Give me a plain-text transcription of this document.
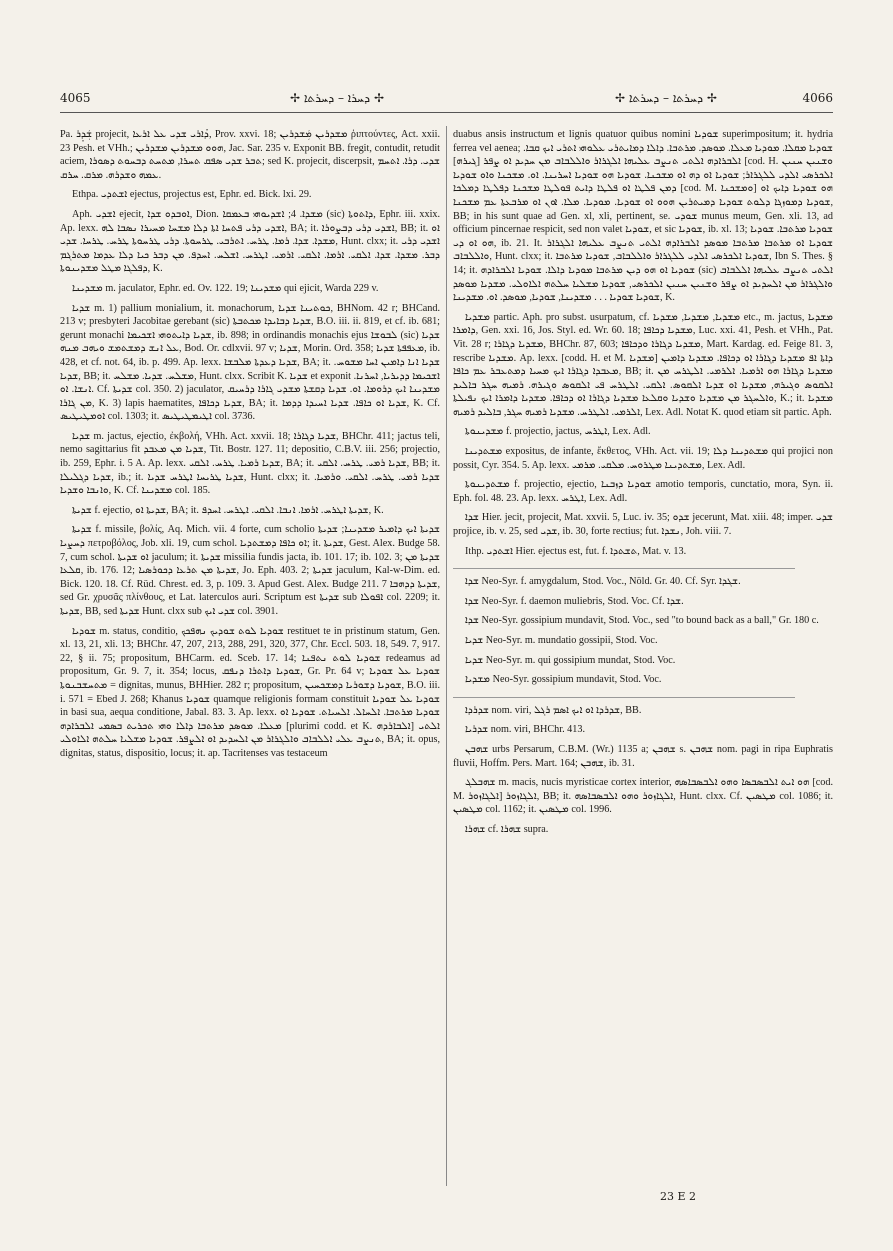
4065	✢ ܕܚܪܐ – ܕܚܪܬܐ ✢	✢ ܕܚܪܬܐ – ܕܚܪܬܐ ✢	4066

Pa. ܫܲܕܸܪ projecit, ܕܳܐܪܝ ܫܕܝ ܥܠ ܐܪܥܐ, Prov. xxvi. 18; ܡܫܕܪܝܢ ܡܲܫܕܪܝܢ ῥιπτούντες, Act. xxii. 23 Pesh. et VHh.; ܗܘܘ ܡܫܕܪܝܢ ܡܫܕܪܝܢ, Jac. Sar. 235 v. Exponit BB. fregit, contudit, retudit aciem, ܬܒܪ ܫܕܝ ܣܦܩ ܬܚܪܐ, ܡܬܚܬ ܕܒܚܘܬ ܕܣܘܪܐ; sed K. projecit, discerpsit, ܫܕܝ. ܕܪܐ. ܐܬܚܡ ܥܡܗ ܘܫܕܪܗ. ܡܪܩ. ܚܪܩ.

Ethpa. ܐܫܬܕܝ ejectus, projectus est, Ephr. ed. Bick. lxi. 29.

Aph. ܐܫܕܝ ejecit, ܐܘܒܕܘ ܫܕܐ, Dion. ܡܫܕܐ. 4; ܐܫܕܝܘܗܝ ܒܥܡܩܐ (sic) ܕܐܬܘܬܐ, Ephr. iii. xxix. Ap. lexx. ܐܫܕܝ ܕܪܝ ܦܬܚܐ ܐܬܐ ܕܠܐ ܡܫܚܐ ܡܚܝܪܐ ܢܣܒܐ ܠܗ, BA; it. ܐܫܕܝ ܕܪܝ ܕܒܨܘܪܐ, BB; it. ܐܘ ܡܫܕܐ. ܫܕܐ. ܪܡܐ. ܛܪܚ. ܐܬܪܒܝ. ܛܪܚܘܬܐ. ܕܪܝ ܛܪܚܘܬܐ ܛܪܚ. ܛܪܚܐ. ܫܕܝ, Hunt. clxx; it. ܐܫܕܝ ܕܪܝ ܕܒܪ. ܡܫܕܐ. ܫܕܐ. ܐܠܩܝ. ܐܪܡܐ. ܐܠܩܝ. ܐܪܡܝ. ܐܛܪܚ. ܐܫܠܚ. ܐܚܕܦ. ܡܢ ܕܒܪ ܟܝܐ ܕܠܐ ܥܕܡܐ ܡܬܪܓܡ ܕܦܠܓܐ ܡܛܠ ܡܫܕܝܢܘܬܐ, K.

ܡܫܕܝܢܐ m. jaculator, Ephr. ed. Ov. 122. 19; ܡܫܕܝܢܐ qui ejicit, Warda 229 v.

ܫܕܝܐ m. 1) pallium monialium, it. monachorum, ܟܘܬܝܢܐ ܫܕܝܐ, BHNom. 42 r; BHCand. 213 v; presbyteri Jacobitae gerebant (sic) ܫܕܝܐ ܕܒܐܝܕܐ ܡܟܬܒܬܐ, B.O. iii. ii. 819, et cf. ib. 681; gerunt monachi ܫܕܝܐ ܕܐܝܬܘܗܝ ܐܫܟܝܡܐ, ib. 898; in ordinandis monachis ejus ܠܒܘܫܐ (sic) ܫܕܝܐ ܥܠ ܐܢܫ ܕܡܫܬܡܫ ܘܝܗܒ ܡܢܗ, Bod. Or. cdlxvii. 97 v; ܫܕܝܐ, Morin. Ord. 358; ܡܥܦܦܬܐ ܫܕܝܐ, ib. 428, et cf. not. 64, ib. p. 499. Ap. lexx. ܫܕܝܐ ܕܥܕܬܐ ܡܠܒܫܐ, BA; it. ܫܕܝܐ ܐܢܐ ܕܐܡܝܢ ܐܚܐ ܡܫܘܚ. ܫܕܝܐ, BB; it. ܡܫܠܚ. ܫܕܝܐ. ܡܫܠܚ, Hunt. clxx. Scribit K. ܫܕܝܐ et exponit ܐܫܟܝܡܐ ܕܕܝܪܝܐ, ܐܚܪܢܐ. ܐܢܫܐ. ܐܘ. Cf. ܫܕܝܬܐ col. 350. 2) jaculator, ܡܫܕܝܢܐ ܐܝܟ ܕܪܘܡܐ. ܐܘ. ܫܕܝܐ ܕܩܫܬܐ ܡܫܕܝ ܓܐܪܐ ܕܪܚܝܩ ܡܢ ܓܐܪܐ, K. 3) lapis haematites, ܫܕܝܐ ܕܟܐܦܐ, BA; it. ܫܕܝܐ ܐܘ ܟܐܦܐ. ܫܕܝܐ ܐܚܝܕܐ ܕܕܡܐ, K. Cf. ܐܘܡܛܝܛܝܣ col. 1303; it. ܐܛܝܡܛܝܛܝܣ col. 3736.

ܫܕܝܐ m. jactus, ejectio, ἐκβολή, VHh. Act. xxvii. 18; ܫܕܝܐ ܕܓܐܪܐ, BHChr. 411; jactus teli, nemo sagittarius fit ܫܕܝܐ ܡܢ ܡܥܒܕ, Tit. Bostr. 127. 11; depositio, C.B.V. iii. 256; projectio, ib. 259, Ephr. i. 5 A. Ap. lexx. ܫܕܝܐ ܪܡܝܐ. ܛܪܚ. ܐܠܩܝ, BA; it. ܫܕܝܐ ܪܡܝ. ܛܪܚ. ܐܠܩܝ, BB; it. ܫܕܝܐ ܕܓܠܝܠܐ, ib.; it. ܫܕܝܐ ܛܪܝܚܐ ܐܛܪܚ ܫܕܝܐ, Hunt. clxx; it. ܫܕܝܐ ܪܡܝ. ܛܪܚ. ܐܠܩܝ. ܘܪܡܝܐ. ܘܐܢܒܐ ܘܫܕܝܐ, K. Cf. ܡܫܕܝܢܐ col. 185.

ܫܕܝܬܐ f. ejectio, ܫܕܝܬܐ ܐܘ, BA; it. ܫܕܝܬܐ ܐܛܪܚ. ܐܪܡܐ. ܐܢܒܐ. ܐܠܩܝ. ܐܛܪܚ. ܐܚܕܦ, K.

ܫܕܝܬܐ f. missile, βολίς, Aq. Mich. vii. 4 forte, cum scholio ܫܕܝܬܐ ܐܝܟ ܕܐܡܝܪ ܡܫܕܝܢܐ; ܫܕܝܬܐ ܕܚܨܝܐ πετροβόλος, Job. xli. 19, cum schol. ܐܘ ܟܐܦܐ ܕܡܫܬܕܝܐ; it. ܫܕܝܬܐ, Gest. Alex. Budge 58. 7, cum schol. ܐܘ ܫܕܝܬܐ jaculum; it. ܫܕܝܬܐ missilia fundis jacta, ib. 101. 17; ib. 102. 3; ܫܕܝܬܐ ܡܢ ܩܠܥܐ, ib. 176. 12; ܫܕܝܬܐ ܡܢ ܬܪܥܐ ܕܟܘܪܣܝܐ, Jo. Eph. 403. 2; ܫܕܝܬܐ jaculum, Kal-w-Dim. ed. Bick. 120. 18. Cf. Rüd. Chrest. ed. 3, p. 109. 3. Apud Gest. Alex. Budge 211. 7 ܫܕܝܬܐ ܕܕܗܒܐ, sed Gr. χρυσᾶς πλίνθους, et Lat. laterculos auri. Scriptum est ܫܕܝܬܐ sub ܐܦܘܠܐ col. 2209; it. ܫܕܝܬܐ, BB, sed ܫܕܝܬܐ Hunt. clxx sub ܫܕܝ ܐܝܟ col. 3901.

ܫܘܕܝܐ m. status, conditio, ܫܘܕܝܐ ܠܘܬ ܫܘܕܝܟ ܢܗܦܟܟ restituet te in pristinum statum, Gen. xl. 13, 21, xli. 13; BHChr. 47, 207, 213, 288, 291, 320, 377, Chr. Eccl. 503. 18, 549. 7, 917. 22, § ii. 75; propositum, BHCarm. ed. Sceb. 17. 14; ܫܘܕܝܐ ܠܘܬ ܢܬܦܢܐ redeamus ad propositum, Gr. 9. 7, it. 354; locus, ܫܘܕܝܐ ܕܐܬܪܐ ܕܢܦܩ, Gr. Pr. 64 v; ܫܘܕܝܐ ܥܠ ܫܘܕܝܐ ܡܬܚܫܒܢܘܬܐ = dignitas, munus, BHHier. 282 r; propositum, ܫܘܕܝܐ ܕܫܘܪܝܐ ܕܡܫܟܚܝܢ, B.O. iii. i. 571 = Ebed J. 268; Khanus ܫܘܕܝܐ quamque religionis formam constituit ܫܘܕܝܐ ܥܠ ܫܘܕܝܐ in basi sua, aequa conditione, Jabal. 83. 3. Ap. lexx. ܫܘܕܝܐ ܡܪܬܒܐ. ܐܠܚܐܠ. ܐܠܚܝܐܬ. ܫܘܕܝܐ ܐܘ ܡܥܠܐ. ܡܘܣܕ ܡܪܬܒܐ ܕܐܠܐ ܘܗܝ ܬܟܪܝܬ ܒܣܡܝ ܐܠܒܪܐܕܗ [plurimi codd. et K. ܐܠܒܐܪܕܗ] ܐܠܬܝ ܬܢܨܒ ܥܠܝ ܐܠܠܒܐܒ ܘܐܠܓܪܐܪ ܡܢ ܐܠܚܕܝܕ ܐܘ ܐܠܨܦܪ. ܫܘܕܝܐ ܡܫܠܝܐ ܚܠܬܗ ܐܠܐܘܠܝ, BA; it. opus, dignitas, status, dispositio, locus; it. ap. Tacritenses vas testaceum

duabus ansis instructum et lignis quatuor quibus nomini ܫܘܕܝܐ superimpositum; it. hydria ferrea vel aenea; ܫܘܕܝܐ ܡܩܠܐ. ܡܘܕܝܐ ܡܥܠܐ. ܡܘܣܕ. ܡܪܬܒܐ. ܕܐܠܐ ܕܡܐܝܬܪܝ ܥܠܘܗܝ ܐܬܪܝ ܐܝܟ ܩܒܐ. ܐܠܒܪܐܕܗ ܐܠܬܝ ܬܢܨܒ ܥܠܝܗܐ ܐܠܓܪܐܪ ܘܐܠܠܒܐܒ ܡܢ ܚܕܝܕ ܐܘ ܨܦܪ [ܓܝܪܗ] [cod. H. ܘܫܢܝܢ ܚܢܝܢ ܐܠܟܪܣܝ ܐܠܕܝ ܠܠܓܪܐܪ; ܫܘܕܝܐ ܐܘ ܕܗ ܐܘ ܡܫܟܢܐ. ܫܘܕܝܐ ܗܘ ܫܘܕܝܐ ܐܚܪܝܢܐ. ܐܘ. ܡܫܟܢܐ ܘܐܘ ܫܘܕܝܐ ܕܡܢ ܦܠܛܐ ܐܘ ܦܠܛܐ ܕܐܝܬ ܦܘܠܛܐ ܡܫܟܢܐ ܕܦܠܛܐ ܕܡܠܟܐ [cod. M. ܘܡܫܟܢܐ] ܗܘ ܫܘܕܝܐ ܕܐܝܟ ܐܘ ܫܘܕܝܐ ܕܡܘܙܓܐ ܕܠܘܬ ܫܘܕܝܐ ܕܡܝܬܪܝܢ ܗܘܘ ܐܘ ܫܘܕܝܐ. ܡܘܕܝܐ. ܡܠܐ. ܐܘܢ ܐܘ ܡܪܒܥܬܐ ܥܡ ܡܫܟܢܐ, BB; in his sunt quae ad Gen. xl, xli, pertinent, se. ܫܘܕܝ munus meum, Gen. xli. 13, ad officium pincernae respicit, sed non valet ܫܘܕܝܐ, et sic ܫܘܕܝܐ, ib. xl. 13; ܫܘܕܝܐ ܡܪܬܒܐ. ܫܘܕܝܐ ܗܘ ܐܘ ܕܝ, ib. 21. It. ܫܘܕܝܐ ܐܘ ܡܪܬܒܐ ܡܪܬܒܐ ܡܘܣܕ ܐܠܒܪܐܕܗ ܐܠܬܝ ܬܢܨܒ ܥܠܝܗܐ ܐܠܓܪܐܪ ܘܐܠܠܒܐܒ, Hunt. clxx; it. ܫܘܕܝܐ ܐܠܟܪܣܝ ܐܠܕܝ ܠܠܓܪܐܪ ܘܐܠܠܒܐܒ, ܫܘܕܝܐ ܡܪܬܒܐ, Ibn S. Thes. § 14; it. ܫܘܕܝܐ ܐܘ ܗܘ ܕܝܢ ܡܪܬܒܐ ܡܘܕܝܐ ܕܐܠܐ. ܫܘܕܝܐ ܐܠܒܪܐܕܗ (sic) ܐܠܬܝ ܬܢܨܒ ܥܠܝܗܐ ܐܠܠܒܐܒ ܘܐܠܓܪܐܪ ܡܢ ܐܠܚܕܝܕ ܐܘ ܨܦܪ ܘܫܢܝܢ ܚܢܝܢ ܐܠܟܪܣܝ, ܫܘܕܝܐ ܡܫܠܝܐ ܚܠܬܗ ܐܠܐܘܠܝ. ܡܫܕܝܐ ܡܘܣܕ ܫܘܕܝܐ ܫܘܕܝܐ . . . ܡܫܕܝܢܐ, ܫܘܕܝܐ, ܡܘܣܕ. ܐܘ. ܡܫܕܝܢܐ, K.

ܡܫܕܝܐ partic. Aph. pro subst. usurpatum, cf. ܡܫܕܝܐ, ܡܫܕܝܐ, ܡܫܕܝܐ etc., m. jactus, ܡܫܕܝܐ ܕܐܡܪܐ, Gen. xxi. 16, Jos. Styl. ed. Wr. 60. 18; ܡܫܕܝܐ ܕܟܐܦܐ, Luc. xxi. 41, Pesh. et VHh., Pat. Vit. 28 r; ܡܫܕܝܐ ܕܓܐܪܐ, BHChr. 87, 603; ܡܫܕܝܐ ܕܓܐܪܐ ܘܕܟܐܦܐ, Mart. Kardag. ed. Feige 81. 3, rescribe ܡܫܕܝܐ. Ap. lexx. [codd. H. et M. ܡܫܕܝܐ] ܕܐܬܐ ܐܦ ܡܫܕܝܐ ܕܓܐܪܐ ܐܘ ܕܟܐܦܐ. ܡܫܕܝܐ ܕܐܡܝܢ ܡܥܒܕܐ ܕܓܐܪܐ ܐܝܟ ܡܚܝܐ ܕܡܬܥܒܪ ܥܡ ܟܐܦܐ, BB; it. ܡܫܕܝܐ ܕܓܐܪܐ ܗܘ ܐܪܡܝܐ. ܐܠܪܡܝ. ܐܠܛܪܚ ܡܢ ܐܠܩܘܣ ܘܓܝܪܗ, ܡܫܕܝܐ ܐܘ ܫܕܝܐ ܐܠܩܘܣ. ܐܠܩܝ. ܐܠܛܪܚ ܦܝ ܐܠܩܘܣ ܘܓܝܪܗ. ܪܡܝܗ ܚܓܪ ܒܐܠܝܕ ܘܐܠܚܓܪ ܡܢ ܡܫܕܝܐ ܘܫܕܝܐ ܘܩܠܥܐ ܡܫܕܝܐ ܕܓܐܪܐ ܐܘ ܕܟܐܦܐ. ܡܫܕܝܐ ܕܐܡܪܐ ܐܝܟ ܢܦܝܠܬܐ, K.; it. ܡܫܕܝܐ ܐܠܪܡܝ. ܐܠܛܪܚ. ܡܫܕܝܐ ܪܡܝܗ ܚܓܪ, ܒܐܠܝܕ ܪܡܝܗ, Lex. Adl. Notat K. quod etiam sit partic. Aph.

ܡܫܕܝܢܘܬܐ f. projectio, jactus, ܐܛܪܚ, Lex. Adl.

ܡܫܬܕܝܢܐ expositus, de infante, ἔκθετος, VHh. Act. vii. 19; ܡܫܬܕܝܢܐ ܕܠܐ qui projici non possit, Cyr. 354. 5. Ap. lexx. ܡܫܬܕܝܢܐ ܡܛܪܘܚ. ܡܠܩܝ. ܡܪܡܝ, Lex. Adl.

ܡܫܬܕܝܢܘܬܐ f. projectio, ejectio, ܫܘܕܝܐ ܕܙܒܢܐ amotio temporis, cunctatio, mora, Syn. ii. Eph. fol. 48. 23. Ap. lexx. ܐܛܪܚ, Lex. Adl.

ܫܕܐ Hier. jecit, projecit, Mat. xxvii. 5, Luc. iv. 35; ܫܕܘ jecerunt, Mat. xiii. 48; imper. ܫܕܝ projice, ib. v. 25, sed ܫܕܝ, ib. 30, forte rectius; fut. ܢܫܕܐ, Joh. viii. 7.

Ithp. ܐܫܬܕܝ Hier. ejectus est, fut. f. ܬܫܬܕܐ, Mat. v. 13.

ܫܕܐ Neo-Syr. f. amygdalum, Stod. Voc., Nöld. Gr. 40. Cf. Syr. ܫܓܕܐ.

ܫܕܐ Neo-Syr. f. daemon muliebris, Stod. Voc. Cf. ܫܕܐ.

ܫܕܐ Neo-Syr. gossipium mundavit, Stod. Voc., sed "to bound back as a ball," Gr. 180 c.

ܫܕܝܐ Neo-Syr. m. mundatio gossipii, Stod. Voc.

ܫܕܝܐ Neo-Syr. m. qui gossipium mundat, Stod. Voc.

ܡܫܕܝܐ Neo-Syr. gossipium mundavit, Stod. Voc.

ܫܕܪܕܐ nom. viri, ܫܕܪܕܐ ܐܘ ܐܝܟ ܐܣܡ ܪܓܠ, BB.

ܫܕܪܝܐ nom. viri, BHChr. 413.

ܫܗܒܢ urbs Persarum, C.B.M. (Wr.) 1135 a; ܫܗܒܢ s. ܫܗܒܢ nom. pagi in ripa Euphratis fluvii, Hoffm. Pers. Mart. 164; ܫܗܒܢ, ib. 31.

ܫܗܒܠܓ m. macis, nucis myristicae cortex interior, ܗܘ ܐܝܬ ܐܠܒܣܒܣܐ ܘܗܘ ܐܠܒܣܒܐܣܗ [cod. M. ܐܠܓܐܙܘܪ] ܐܠܓܐܙܘܪ, BB; it. ܐܠܓܐܙܘܪ ܘܗܘ ܐܠܒܣܒܐܣܗ, Hunt. clxx. Cf. ܡܛܣܝܢ col. 1086; it. ܡܛܣܝܢ col. 1162; it. ܡܛܣܝܢ col. 1996.

ܫܗܪܐ cf. ܫܗܪܐ supra.

23 E 2
